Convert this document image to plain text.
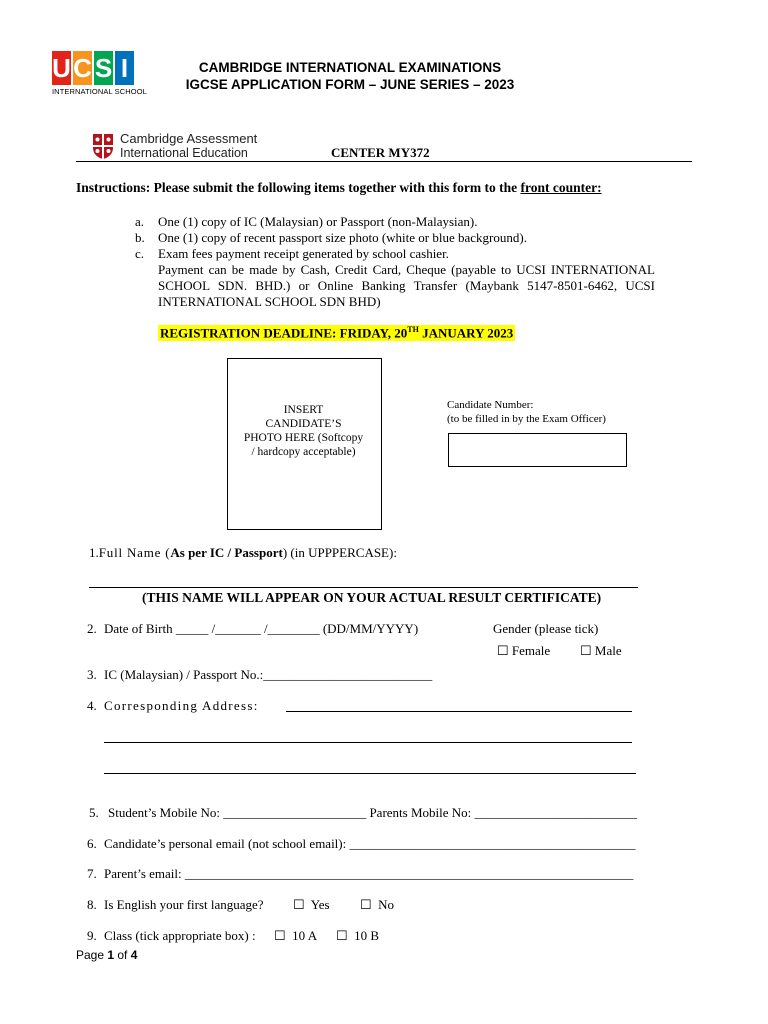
U C S I
INTERNATIONAL SCHOOL
CAMBRIDGE INTERNATIONAL EXAMINATIONS
IGCSE APPLICATION FORM – JUNE SERIES – 2023
Cambridge Assessment
International Education	CENTER MY372
Instructions: Please submit the following items together with this form to the front counter:
a. One (1) copy of IC (Malaysian) or Passport (non-Malaysian).
b. One (1) copy of recent passport size photo (white or blue background).
c. Exam fees payment receipt generated by school cashier.
Payment can be made by Cash, Credit Card, Cheque (payable to UCSI INTERNATIONAL SCHOOL SDN. BHD.) or Online Banking Transfer (Maybank 5147-8501-6462, UCSI INTERNATIONAL SCHOOL SDN BHD)
REGISTRATION DEADLINE: FRIDAY, 20TH JANUARY 2023
INSERT
CANDIDATE’S
PHOTO HERE (Softcopy
/ hardcopy acceptable)
Candidate Number:
(to be filled in by the Exam Officer)
1.Full Name (As per IC / Passport) (in UPPPERCASE):
(THIS NAME WILL APPEAR ON YOUR ACTUAL RESULT CERTIFICATE)
2. Date of Birth _____ /_______ /________ (DD/MM/YYYY)	Gender (please tick)
☐ Female ☐ Male
3. IC (Malaysian) / Passport No.:__________________________
4. Corresponding Address:
5. Student’s Mobile No: ______________________ Parents Mobile No: _________________________
6. Candidate’s personal email (not school email): ____________________________________________
7. Parent’s email: _____________________________________________________________________
8. Is English your first language? ☐ Yes ☐ No
9. Class (tick appropriate box) : ☐ 10 A ☐ 10 B
Page 1 of 4
